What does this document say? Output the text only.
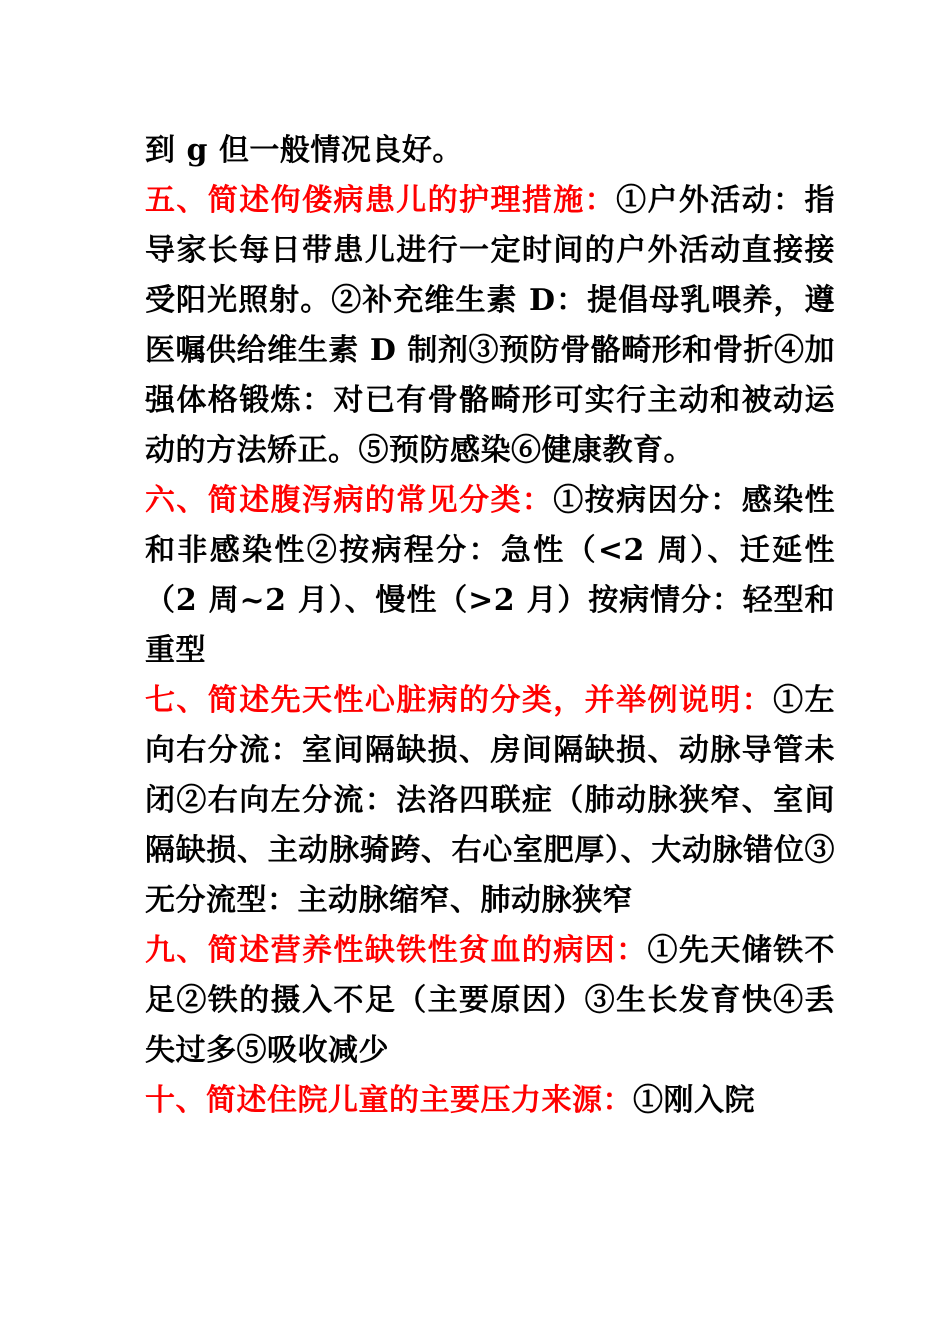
到 g 但一般情况良好。

五、简述佝偻病患儿的护理措施：①户外活动：指导家长每日带患儿进行一定时间的户外活动直接接受阳光照射。②补充维生素 D：提倡母乳喂养，遵医嘱供给维生素 D 制剂③预防骨骼畸形和骨折④加强体格锻炼：对已有骨骼畸形可实行主动和被动运动的方法矫正。⑤预防感染⑥健康教育。

六、简述腹泻病的常见分类：①按病因分：感染性和非感染性②按病程分：急性（<2 周）、迁延性（2 周~2 月）、慢性（>2 月）按病情分：轻型和重型

七、简述先天性心脏病的分类，并举例说明：①左向右分流：室间隔缺损、房间隔缺损、动脉导管未闭②右向左分流：法洛四联症（肺动脉狭窄、室间隔缺损、主动脉骑跨、右心室肥厚）、大动脉错位③无分流型：主动脉缩窄、肺动脉狭窄

九、简述营养性缺铁性贫血的病因：①先天储铁不足②铁的摄入不足（主要原因）③生长发育快④丢失过多⑤吸收减少

十、简述住院儿童的主要压力来源：①刚入院
